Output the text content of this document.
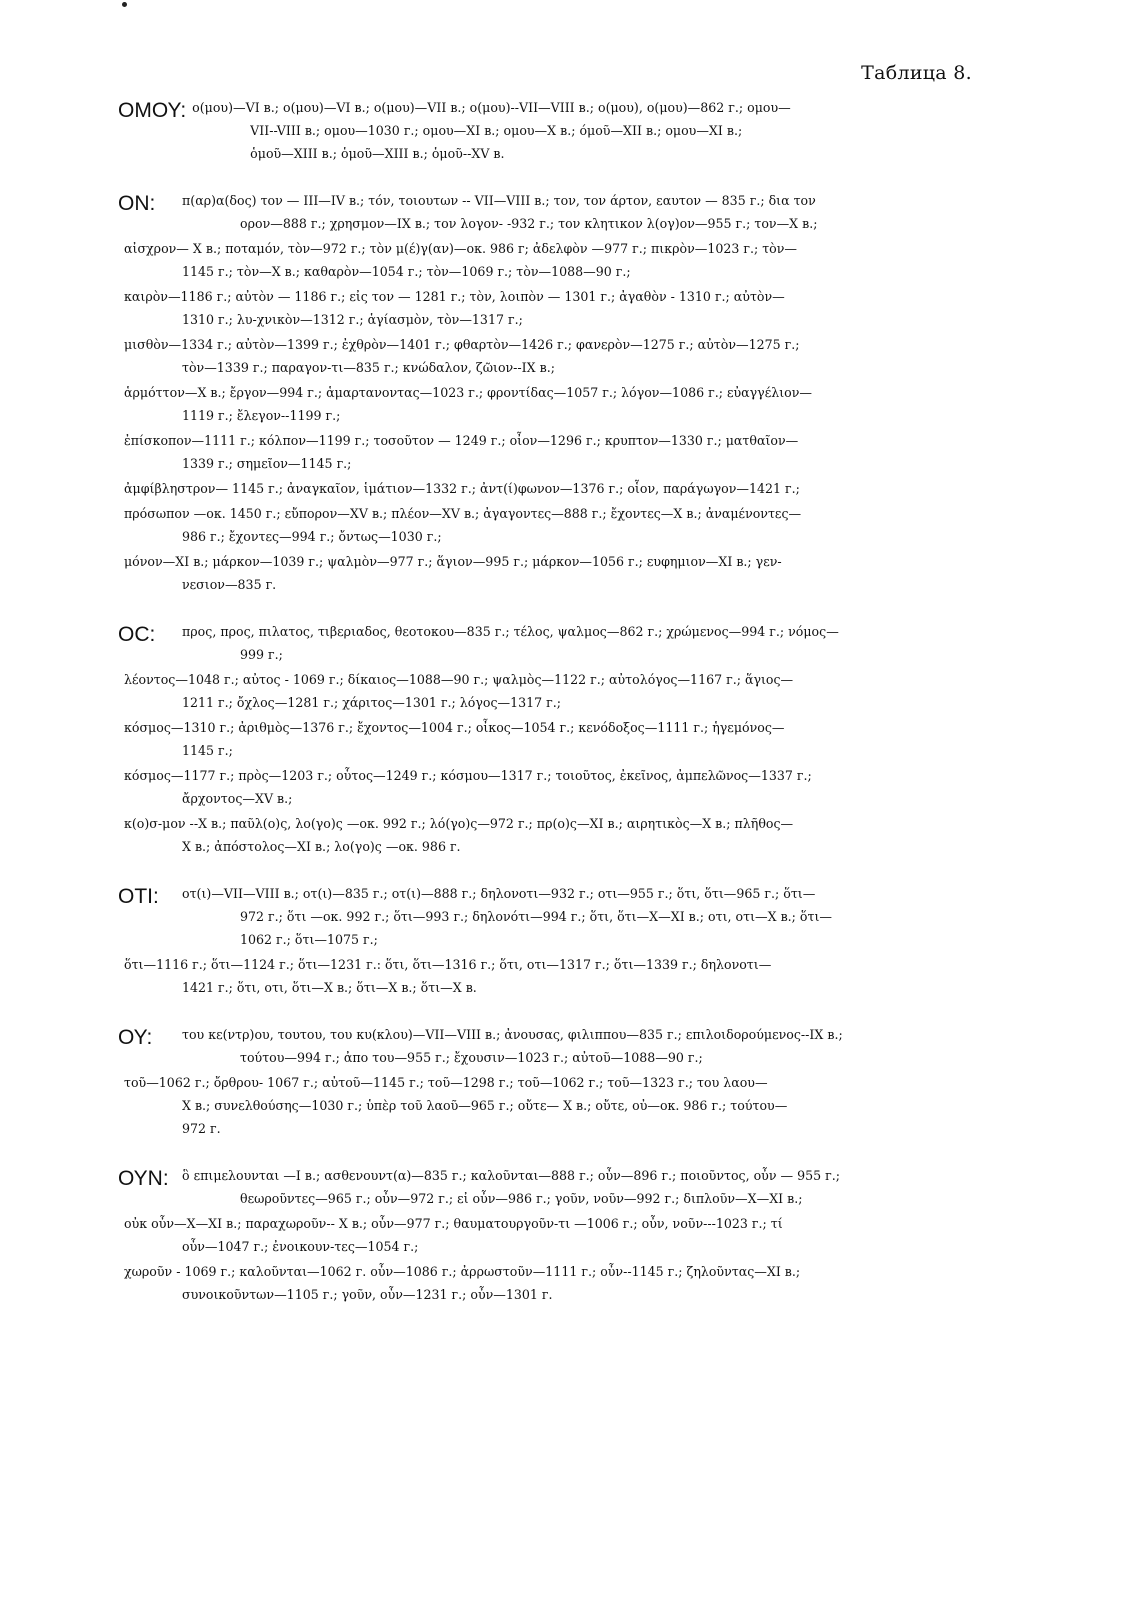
Таблица 8.
ΟΜΟΥ: ο(μου)—VI в.; ο(μου)—VI в.; ο(μου)—VII в.; ο(μου)--VII—VIII в.; ο(μου), ο(μου)—862 г.; ομου—
VII--VIII в.; ομου—1030 г.; ομου—XI в.; ομου—X в.; όμοῦ—XII в.; ομου—XI в.;
ὁμοῦ—XIII в.; ὁμοῦ—XIII в.; ὁμοῦ--XV в.
ΟΝ:	π(αρ)α(δος) τον — III—IV в.; τόν, τοιουτων -- VII—VIII в.; τον, τον άρτον, εαυτον — 835 г.; δια τον
ορον—888 г.; χρησμον—IX в.; τον λογον- -932 г.; τον κλητικον λ(ογ)ον—955 г.; τον—X в.;
αἰσχρον— X в.; ποταμόν, τὸν—972 г.; τὸν μ(έ)γ(αν)—ок. 986 г; ἀδελφὸν —977 г.; πικρὸν—1023 г.; τὸν—
1145 г.; τὸν—X в.; καθαρὸν—1054 г.; τὸν—1069 г.; τὸν—1088—90 г.;
καιρὸν—1186 г.; αὐτὸν — 1186 г.; εἰς τον — 1281 г.; τὸν, λοιπὸν — 1301 г.; ἀγαθὸν - 1310 г.; αὐτὸν—
1310 г.; λυ-χνικὸν—1312 г.; ἁγίασμὸν, τὸν—1317 г.;
μισθὸν—1334 г.; αὐτὸν—1399 г.; ἐχθρὸν—1401 г.; φθαρτὸν—1426 г.; φανερὸν—1275 г.; αὐτὸν—1275 г.;
τὸν—1339 г.; παραγον-τι—835 г.; κνώδαλον, ζῶιον--IX в.;
ἁρμόττον—X в.; ἔργον—994 г.; ἁμαρτανοντας—1023 г.; φροντίδας—1057 г.; λόγον—1086 г.; εὐαγγέλιον—
1119 г.; ἔλεγον--1199 г.;
ἐπίσκοπον—1111 г.; κόλπον—1199 г.; τοσοῦτον — 1249 г.; οἶον—1296 г.; κρυπτον—1330 г.; ματθαῖον—
1339 г.; σημεῖον—1145 г.;
ἀμφίβληστρον— 1145 г.; ἀναγκαῖον, ἱμάτιον—1332 г.; ἀντ(ί)φωνον—1376 г.; οἷον, παράγωγον—1421 г.;
πρόσωπον —ок. 1450 г.; εὔπορον—XV в.; πλέον—XV в.; ἀγαγοντες—888 г.; ἔχοντες—X в.; ἀναμένοντες—
986 г.; ἔχοντες—994 г.; ὄντως—1030 г.;
μόνον—XI в.; μάρκον—1039 г.; ψαλμὸν—977 г.; ἅγιον—995 г.; μάρκον—1056 г.; ευφημιον—XI в.; γεν-
νεσιον—835 г.
ΟC:	προς, προς, πιλατος, τιβεριαδος, θεοτοκου—835 г.; τέλος, ψαλμος—862 г.; χρώμενος—994 г.; νόμος—
999 г.;
λέοντος—1048 г.; αὐτος - 1069 г.; δίκαιος—1088—90 г.; ψαλμὸς—1122 г.; αὐτολόγος—1167 г.; ἅγιος—
1211 г.; ὄχλος—1281 г.; χάριτος—1301 г.; λόγος—1317 г.;
κόσμος—1310 г.; ἀριθμὸς—1376 г.; ἔχοντος—1004 г.; οἶκος—1054 г.; κενόδοξος—1111 г.; ἡγεμόνος—
1145 г.;
κόσμος—1177 г.; πρὸς—1203 г.; οὗτος—1249 г.; κόσμου—1317 г.; τοιοῦτος, ἐκεῖνος, ἀμπελῶνος—1337 г.;
ἄρχοντος—XV в.;
κ(ο)σ-μον --X в.; παῦλ(ο)ς, λο(γο)ς —ок. 992 г.; λό(γο)ς—972 г.; πρ(ο)ς—XI в.; αιρητικὸς—X в.; πλῆθος—
X в.; ἀπόστολος—XI в.; λο(γο)ς —ок. 986 г.
ΟΤΙ:	οτ(ι)—VII—VIII в.; οτ(ι)—835 г.; οτ(ι)—888 г.; δηλονοτι—932 г.; οτι—955 г.; ὅτι, ὅτι—965 г.; ὅτι—
972 г.; ὅτι —ок. 992 г.; ὅτι—993 г.; δηλονότι—994 г.; ὅτι, ὅτι—X—XI в.; οτι, οτι—X в.; ὅτι—
1062 г.; ὅτι—1075 г.;
ὅτι—1116 г.; ὅτι—1124 г.; ὅτι—1231 г.: ὅτι, ὅτι—1316 г.; ὅτι, οτι—1317 г.; ὅτι—1339 г.; δηλονοτι—
1421 г.; ὅτι, οτι, ὅτι—X в.; ὅτι—X в.; ὅτι—X в.
ΟΥ:	του κε(ντρ)ου, τουτου, του κυ(κλου)—VII—VIII в.; ἀνουσας, φιλιππου—835 г.; επιλοιδορούμενος--IX в.;
τούτου—994 г.; ἀπο του—955 г.; ἔχουσιν—1023 г.; αὐτοῦ—1088—90 г.;
τοῦ—1062 г.; ὄρθρου- 1067 г.; αὐτοῦ—1145 г.; τοῦ—1298 г.; τοῦ—1062 г.; τοῦ—1323 г.; του λαου—
X в.; συνελθούσης—1030 г.; ὑπὲρ τοῦ λαοῦ—965 г.; οὔτε— X в.; οὔτε, οὐ—ок. 986 г.; τούτου—
972 г.
ΟΥΝ:	ὃ επιμελουνται —I в.; ασθενουντ(α)—835 г.; καλοῦνται—888 г.; οὖν—896 г.; ποιοῦντος, οὖν — 955 г.;
θεωροῦντες—965 г.; οὖν—972 г.; εἰ οὖν—986 г.; γοῦν, νοῦν—992 г.; διπλοῦν—X—XI в.;
οὐκ οὖν—X—XI в.; παραχωροῦν-- X в.; οὖν—977 г.; θαυματουργοῦν-τι —1006 г.; οὖν, νοῦν---1023 г.; τί
οὖν—1047 г.; ἐνοικουν-τες—1054 г.;
χωροῦν - 1069 г.; καλοῦνται—1062 г. οὖν—1086 г.; ἀρρωστοῦν—1111 г.; οὖν--1145 г.; ζηλοῦντας—XI в.;
συνοικοῦντων—1105 г.; γοῦν, οὖν—1231 г.; οὖν—1301 г.
